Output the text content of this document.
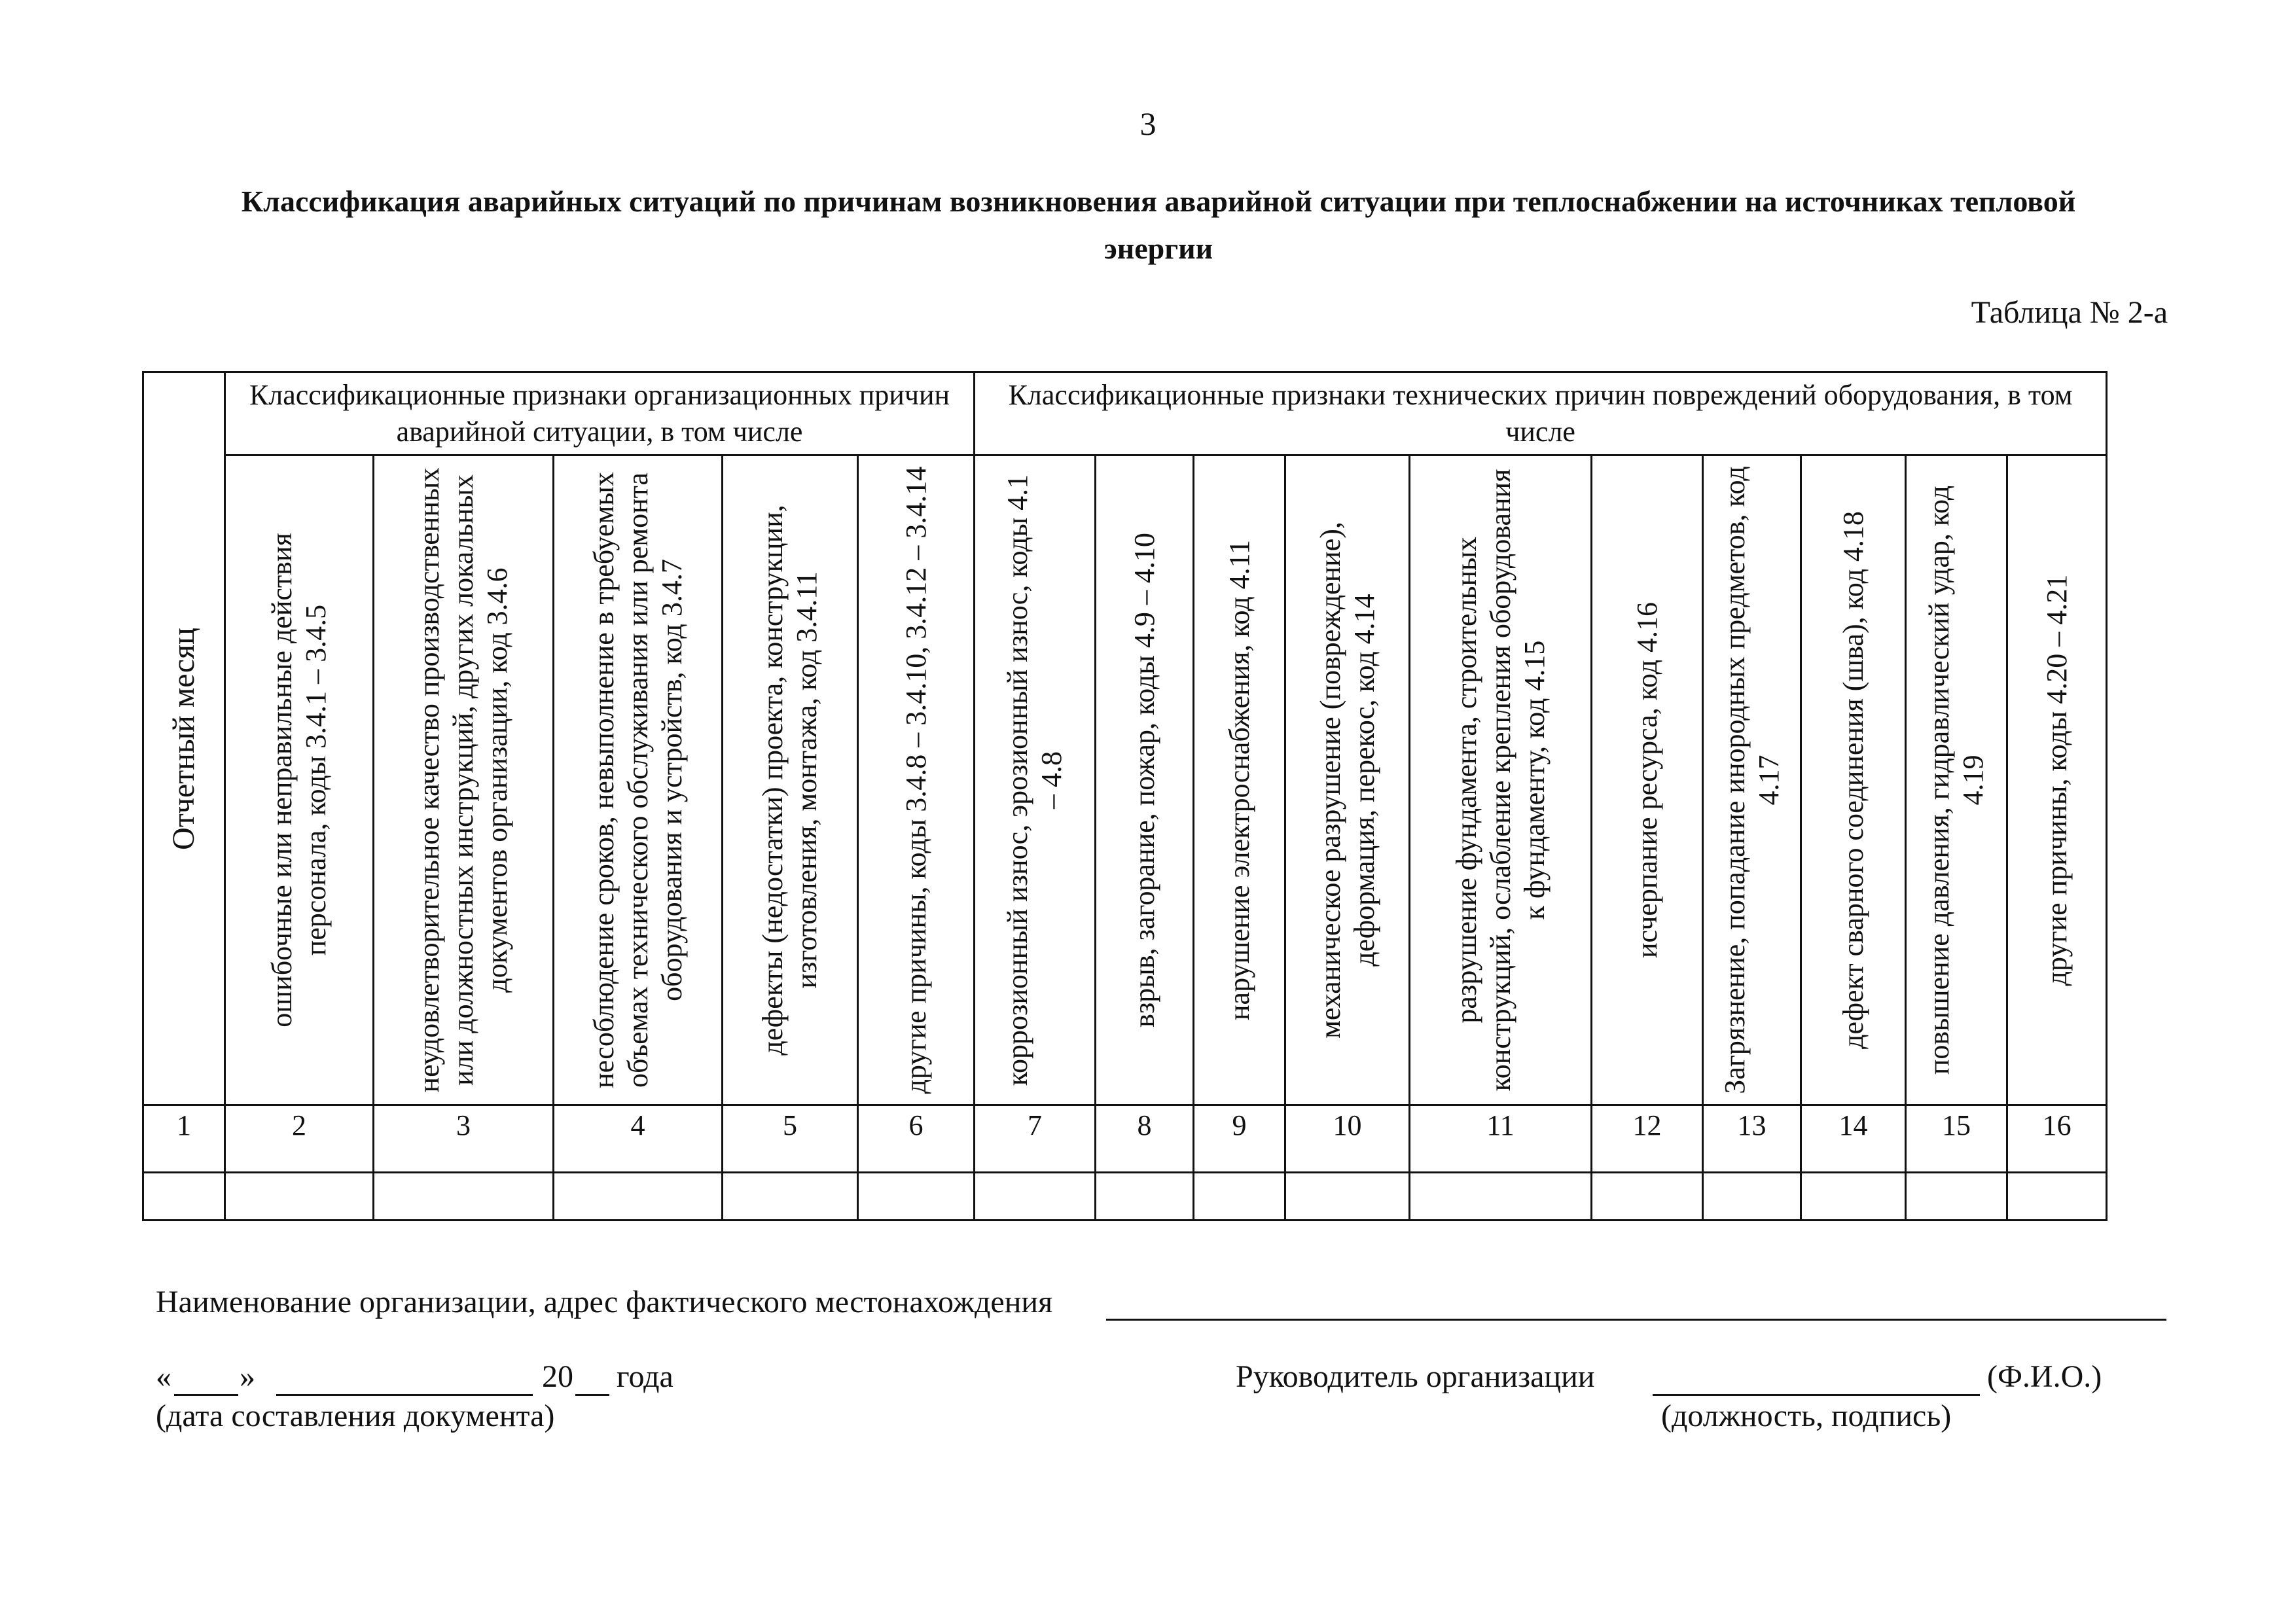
3
Классификация аварийных ситуаций по причинам возникновения аварийной ситуации при теплоснабжении на источниках тепловой энергии
Таблица № 2-а
Отчетный месяц	Классификационные признаки организационных причин аварийной ситуации, в том числе					Классификационные признаки технических причин повреждений оборудования, в том числе									

	ошибочные или неправильные действия персонала, коды 3.4.1 – 3.4.5	неудовлетворительное качество производственных или должностных инструкций, других локальных документов организации, код 3.4.6	несоблюдение сроков, невыполнение в требуемых объемах технического обслуживания или ремонта оборудования и устройств, код 3.4.7	дефекты (недостатки) проекта, конструкции, изготовления, монтажа, код 3.4.11	другие причины, коды 3.4.8 – 3.4.10, 3.4.12 – 3.4.14	коррозионный износ, эрозионный износ, коды 4.1 – 4.8	взрыв, загорание, пожар, коды 4.9 – 4.10	нарушение электроснабжения, код 4.11	механическое разрушение (повреждение), деформация, перекос, код 4.14	разрушение фундамента, строительных конструкций, ослабление крепления оборудования к фундаменту, код 4.15	исчерпание ресурса, код 4.16	Загрязнение, попадание инородных предметов, код 4.17	дефект сварного соединения (шва), код 4.18	повышение давления, гидравлический удар, код 4.19	другие причины, коды 4.20 – 4.21

1	2	3	4	5	6	7	8	9	10	11	12	13	14	15	16

Наименование организации, адрес фактического местонахождения
« »	20 года
(дата составления документа)
Руководитель организации	(Ф.И.О.)
(должность, подпись)
